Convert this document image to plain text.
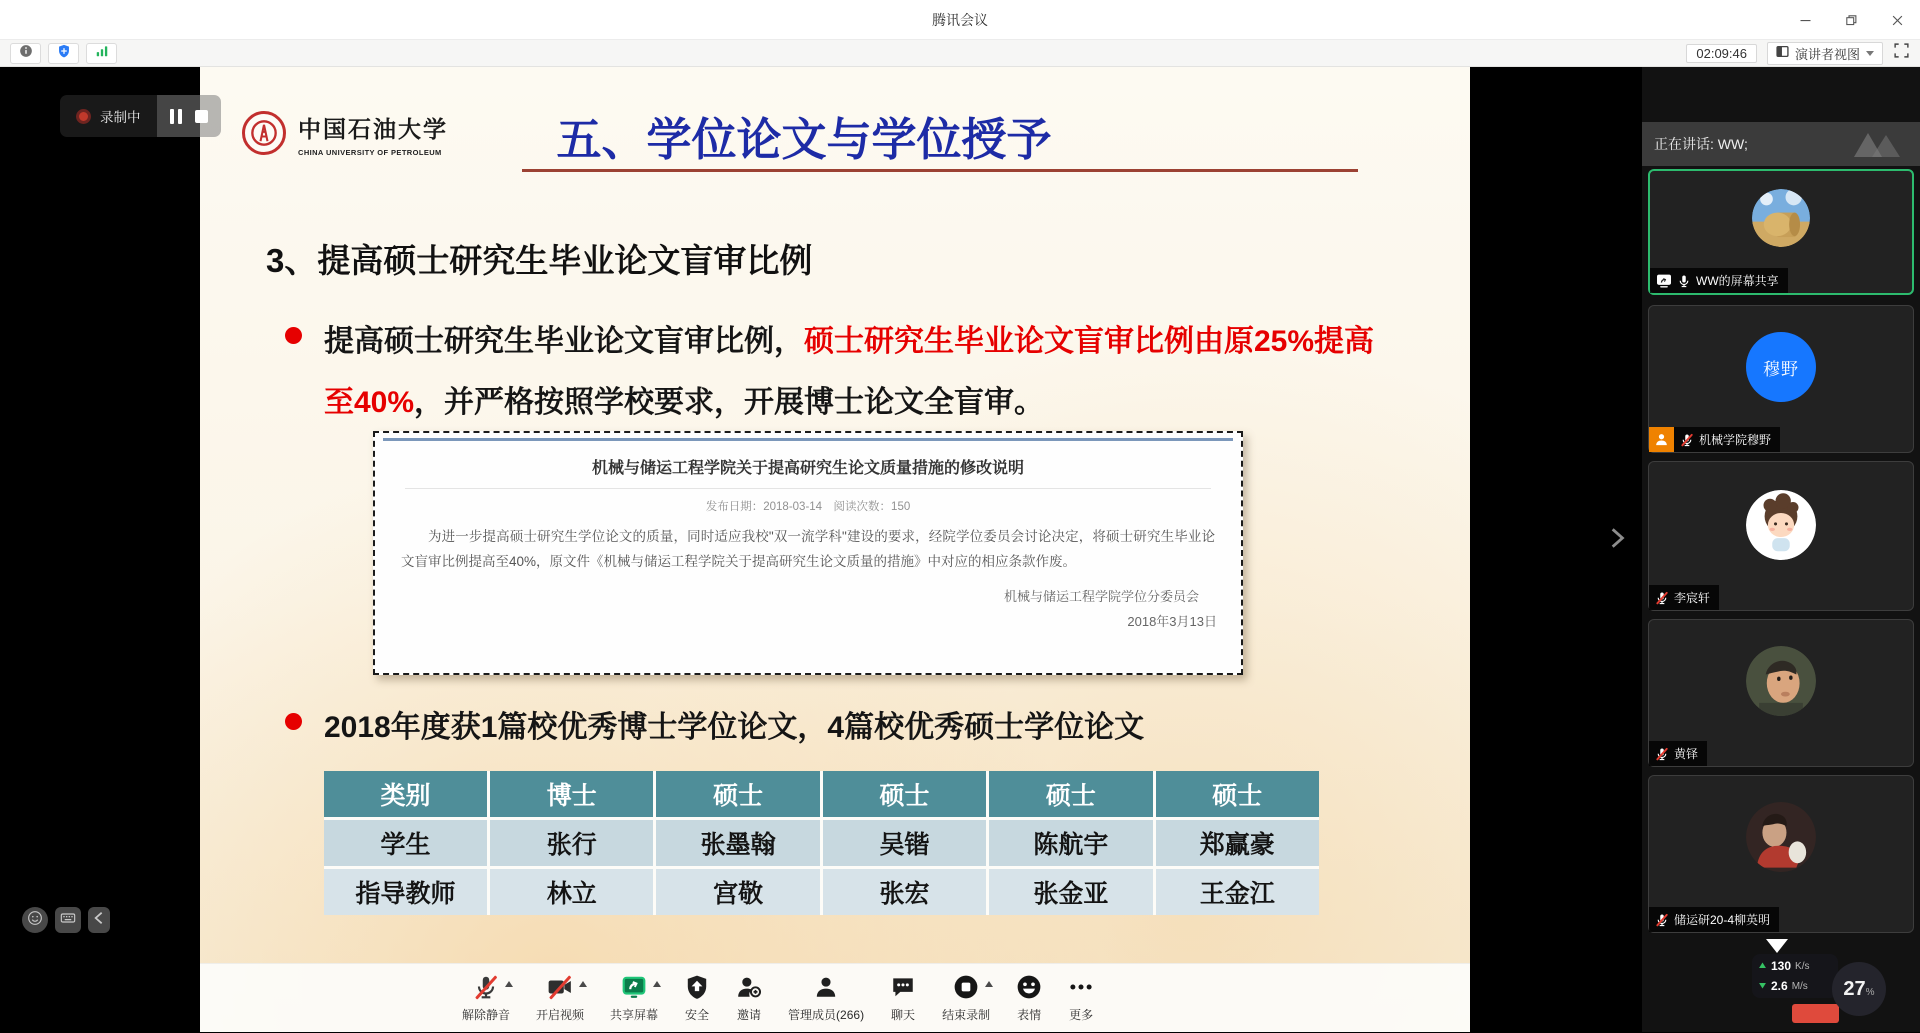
腾讯会议
02:09:46	演讲者视图
中国石油大学
CHINA UNIVERSITY OF PETROLEUM	五、学位论文与学位授予
3、提高硕士研究生毕业论文盲审比例
提高硕士研究生毕业论文盲审比例，硕士研究生毕业论文盲审比例由原25%提高至40%，并严格按照学校要求，开展博士论文全盲审。
机械与储运工程学院关于提高研究生论文质量措施的修改说明
发布日期：2018-03-14　阅读次数：150
为进一步提高硕士研究生学位论文的质量，同时适应我校"双一流学科"建设的要求，经院学位委员会讨论决定，将硕士研究生毕业论文盲审比例提高至40%，原文件《机械与储运工程学院关于提高研究生论文质量的措施》中对应的相应条款作废。
机械与储运工程学院学位分委员会
2018年3月13日
2018年度获1篇校优秀博士学位论文，4篇校优秀硕士学位论文
类别	博士	硕士	硕士	硕士	硕士
学生	张行	张墨翰	吴锴	陈航宇	郑赢豪
指导教师	林立	宫敬	张宏	张金亚	王金江
录制中
解除静音 开启视频 共享屏幕 安全 邀请 管理成员(266) 聊天 结束录制 表情 更多
正在讲话: WW;
WW的屏幕共享
穆野
机械学院穆野
李宸轩
黄铎
储运研20-4柳英明
130 K/s
2.6 M/s 27 %
